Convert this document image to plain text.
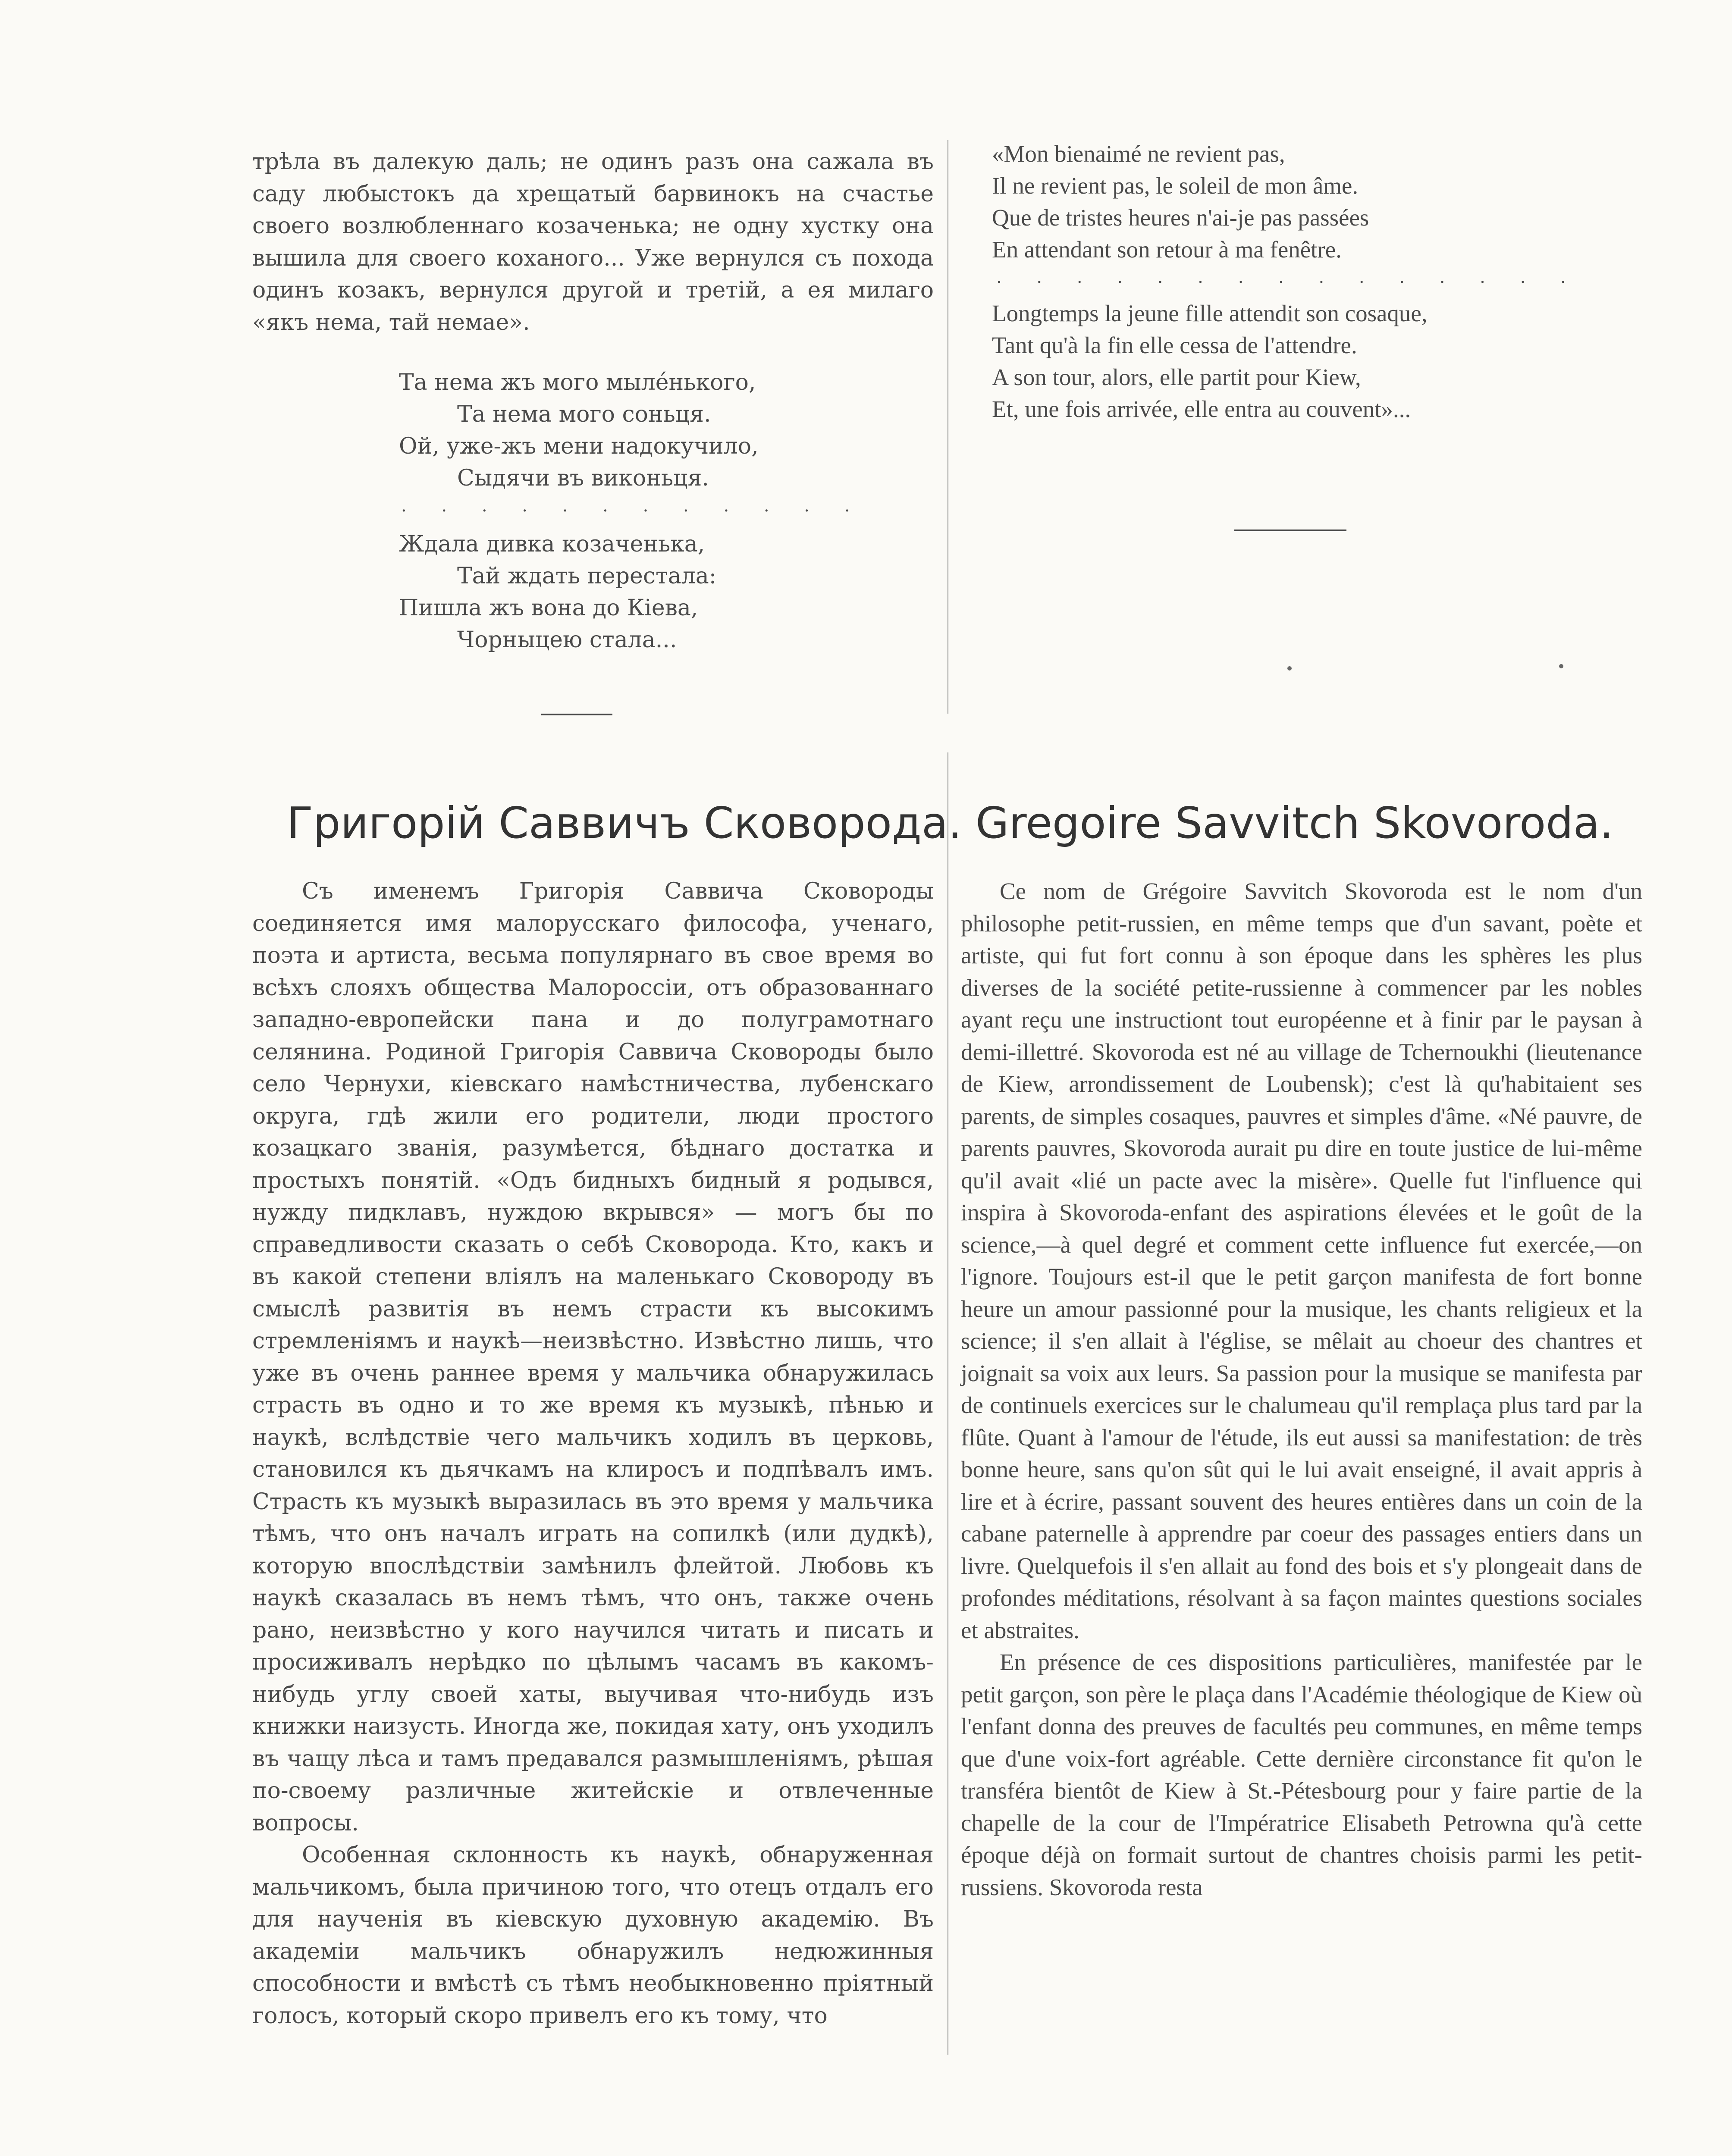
трѣла въ далекую даль; не одинъ разъ она сажала въ саду любыстокъ да хрещатый барвинокъ на счастье своего возлюбленнаго козаченька; не одну хустку она вышила для своего коханого... Уже вернулся съ похода одинъ козакъ, вернулся другой и третій, а ея милаго «якъ нема, тай немае».

Та нема жъ мого мыле́нького,
Та нема мого соньця.
Ой, уже-жъ мени надокучило,
Сыдячи въ виконьця.
. . . . . . . . . . . .
Ждала дивка козаченька,
Тай ждать перестала:
Пишла жъ вона до Кіева,
Чорныцею стала...
«Mon bienaimé ne revient pas,
Il ne revient pas, le soleil de mon âme.
Que de tristes heures n'ai-je pas passées
En attendant son retour à ma fenêtre.
. . . . . . . . . . . . . . .
Longtemps la jeune fille attendit son cosaque,
Tant qu'à la fin elle cessa de l'attendre.
A son tour, alors, elle partit pour Kiew,
Et, une fois arrivée, elle entra au couvent»...
Григорій Саввичъ Сковорода. Gregoire Savvitch Skovoroda.

Съ именемъ Григорія Саввича Сковороды соединяется имя малорусскаго философа, ученаго, поэта и артиста, весьма популярнаго въ свое время во всѣхъ слояхъ общества Малороссіи, отъ образованнаго западно-европейски пана и до полуграмотнаго селянина. Родиной Григорія Саввича Сковороды было село Чернухи, кіевскаго намѣстничества, лубенскаго округа, гдѣ жили его родители, люди простого козацкаго званія, разумѣется, бѣднаго достатка и простыхъ понятій. «Одъ бидныхъ бидный я родывся, нужду пидклавъ, нуждою вкрывся» — могъ бы по справедливости сказать о себѣ Сковорода. Кто, какъ и въ какой степени вліялъ на маленькаго Сковороду въ смыслѣ развитія въ немъ страсти къ высокимъ стремленіямъ и наукѣ—неизвѣстно. Извѣстно лишь, что уже въ очень раннее время у мальчика обнаружилась страсть въ одно и то же время къ музыкѣ, пѣнью и наукѣ, вслѣдствіе чего мальчикъ ходилъ въ церковь, становился къ дьячкамъ на клиросъ и подпѣвалъ имъ. Страсть къ музыкѣ выразилась въ это время у мальчика тѣмъ, что онъ началъ играть на сопилкѣ (или дудкѣ), которую впослѣдствіи замѣнилъ флейтой. Любовь къ наукѣ сказалась въ немъ тѣмъ, что онъ, также очень рано, неизвѣстно у кого научился читать и писать и просиживалъ нерѣдко по цѣлымъ часамъ въ какомъ-нибудь углу своей хаты, выучивая что-нибудь изъ книжки наизусть. Иногда же, покидая хату, онъ уходилъ въ чащу лѣса и тамъ предавался размышленіямъ, рѣшая по-своему различные житейскіе и отвлеченные вопросы.

Особенная склонность къ наукѣ, обнаруженная мальчикомъ, была причиною того, что отецъ отдалъ его для наученія въ кіевскую духовную академію. Въ академіи мальчикъ обнаружилъ недюжинныя способности и вмѣстѣ съ тѣмъ необыкновенно пріятный голосъ, который скоро привелъ его къ тому, что

Ce nom de Grégoire Savvitch Skovoroda est le nom d'un philosophe petit-russien, en même temps que d'un savant, poète et artiste, qui fut fort connu à son époque dans les sphères les plus diverses de la société petite-russienne à commencer par les nobles ayant reçu une instructiont tout européenne et à finir par le paysan à demi-illettré. Skovoroda est né au village de Tchernoukhi (lieutenance de Kiew, arrondissement de Loubensk); c'est là qu'habitaient ses parents, de simples cosaques, pauvres et simples d'âme. «Né pauvre, de parents pauvres, Skovoroda aurait pu dire en toute justice de lui-même qu'il avait «lié un pacte avec la misère». Quelle fut l'influence qui inspira à Skovoroda-enfant des aspirations élevées et le goût de la science,—à quel degré et comment cette influence fut exercée,—on l'ignore. Toujours est-il que le petit garçon manifesta de fort bonne heure un amour passionné pour la musique, les chants religieux et la science; il s'en allait à l'église, se mêlait au choeur des chantres et joignait sa voix aux leurs. Sa passion pour la musique se manifesta par de continuels exercices sur le chalumeau qu'il remplaça plus tard par la flûte. Quant à l'amour de l'étude, ils eut aussi sa manifestation: de très bonne heure, sans qu'on sût qui le lui avait enseigné, il avait appris à lire et à écrire, passant souvent des heures entières dans un coin de la cabane paternelle à apprendre par coeur des passages entiers dans un livre. Quelquefois il s'en allait au fond des bois et s'y plongeait dans de profondes méditations, résolvant à sa façon maintes questions sociales et abstraites.

En présence de ces dispositions particulières, manifestée par le petit garçon, son père le plaça dans l'Académie théologique de Kiew où l'enfant donna des preuves de facultés peu communes, en même temps que d'une voix-fort agréable. Cette dernière circonstance fit qu'on le transféra bientôt de Kiew à St.-Pétesbourg pour y faire partie de la chapelle de la cour de l'Impératrice Elisabeth Petrowna qu'à cette époque déjà on formait surtout de chantres choisis parmi les petit-russiens. Skovoroda resta
